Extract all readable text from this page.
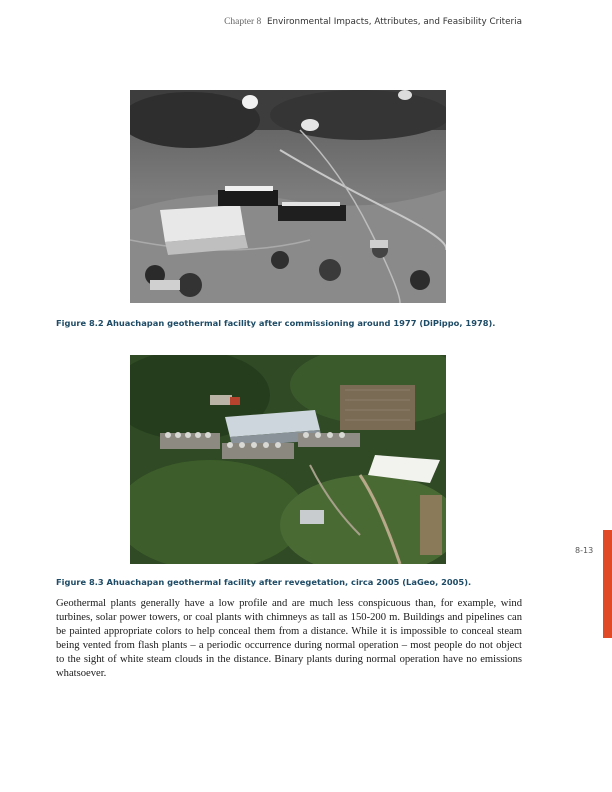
Chapter 8 Environmental Impacts, Attributes, and Feasibility Criteria
Figure 8.2 Ahuachapan geothermal facility after commissioning around 1977 (DiPippo, 1978).
Figure 8.3 Ahuachapan geothermal facility after revegetation, circa 2005 (LaGeo, 2005).

Geothermal plants generally have a low profile and are much less conspicuous than, for example, wind turbines, solar power towers, or coal plants with chimneys as tall as 150-200 m. Buildings and pipelines can be painted appropriate colors to help conceal them from a distance. While it is impossible to conceal steam being vented from flash plants – a periodic occurrence during normal operation – most people do not object to the sight of white steam clouds in the distance. Binary plants during normal operation have no emissions whatsoever.

8-13
